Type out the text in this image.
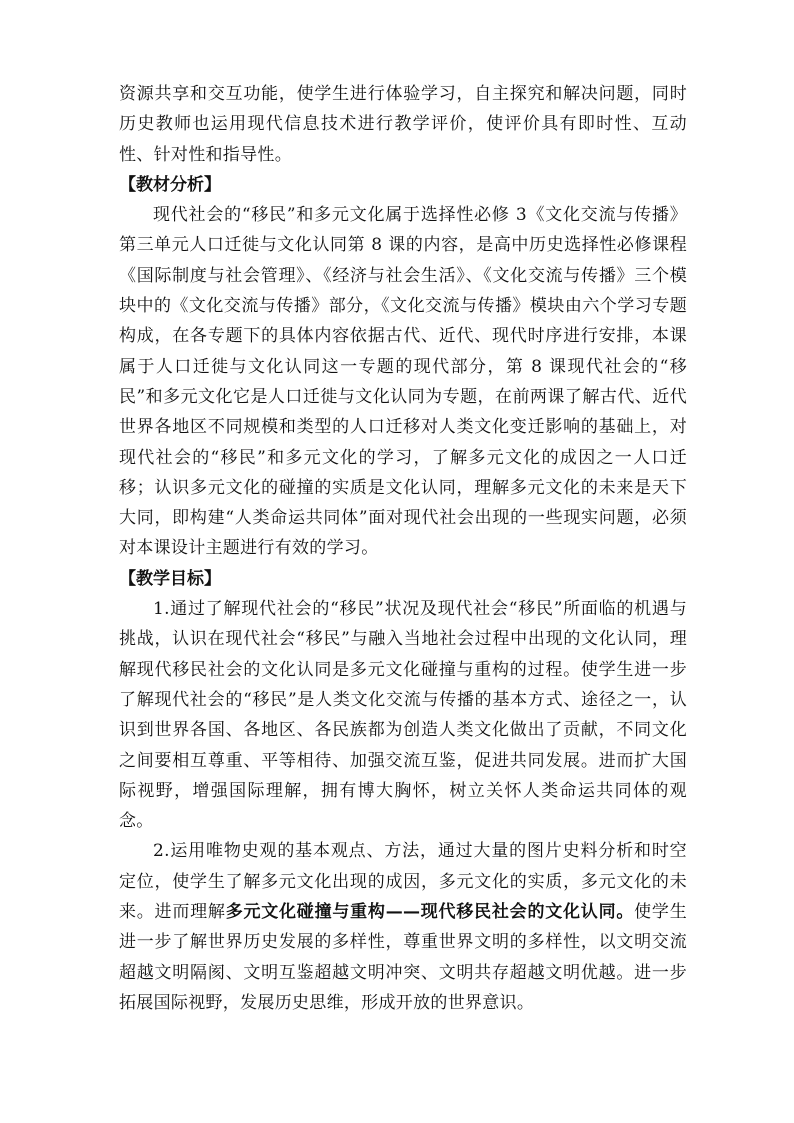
资源共享和交互功能，使学生进行体验学习，自主探究和解决问题，同时历史教师也运用现代信息技术进行教学评价，使评价具有即时性、互动性、针对性和指导性。

【教材分析】

现代社会的“移民”和多元文化属于选择性必修 3《文化交流与传播》第三单元人口迁徙与文化认同第 8 课的内容，是高中历史选择性必修课程《国际制度与社会管理》、《经济与社会生活》、《文化交流与传播》三个模块中的《文化交流与传播》部分，《文化交流与传播》模块由六个学习专题构成，在各专题下的具体内容依据古代、近代、现代时序进行安排，本课属于人口迁徙与文化认同这一专题的现代部分，第 8 课现代社会的“移民”和多元文化它是人口迁徙与文化认同为专题，在前两课了解古代、近代世界各地区不同规模和类型的人口迁移对人类文化变迁影响的基础上，对现代社会的“移民”和多元文化的学习，了解多元文化的成因之一人口迁移；认识多元文化的碰撞的实质是文化认同，理解多元文化的未来是天下大同，即构建“人类命运共同体”面对现代社会出现的一些现实问题，必须对本课设计主题进行有效的学习。

【教学目标】

1.通过了解现代社会的“移民”状况及现代社会“移民”所面临的机遇与挑战，认识在现代社会“移民”与融入当地社会过程中出现的文化认同，理解现代移民社会的文化认同是多元文化碰撞与重构的过程。使学生进一步了解现代社会的“移民”是人类文化交流与传播的基本方式、途径之一，认识到世界各国、各地区、各民族都为创造人类文化做出了贡献，不同文化之间要相互尊重、平等相待、加强交流互鉴，促进共同发展。进而扩大国际视野，增强国际理解，拥有博大胸怀，树立关怀人类命运共同体的观念。

2.运用唯物史观的基本观点、方法，通过大量的图片史料分析和时空定位，使学生了解多元文化出现的成因，多元文化的实质，多元文化的未来。进而理解多元文化碰撞与重构——现代移民社会的文化认同。使学生进一步了解世界历史发展的多样性，尊重世界文明的多样性，以文明交流超越文明隔阂、文明互鉴超越文明冲突、文明共存超越文明优越。进一步拓展国际视野，发展历史思维，形成开放的世界意识。
